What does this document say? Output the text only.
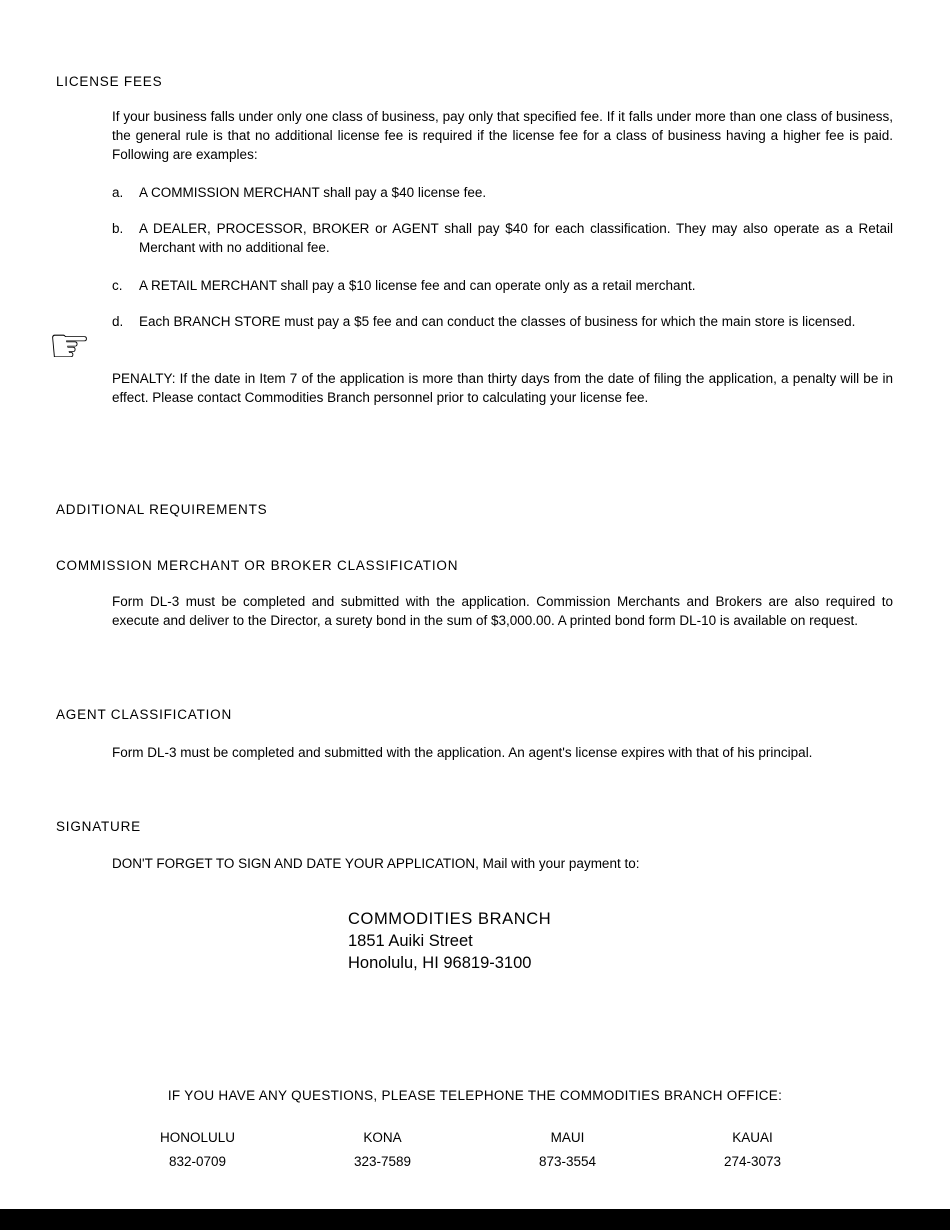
LICENSE FEES
If your business falls under only one class of business, pay only that specified fee. If it falls under more than one class of business, the general rule is that no additional license fee is required if the license fee for a class of business having a higher fee is paid. Following are examples:
a.	A COMMISSION MERCHANT shall pay a $40 license fee.
b.	A DEALER, PROCESSOR, BROKER or AGENT shall pay $40 for each classification. They may also operate as a Retail Merchant with no additional fee.
c.	A RETAIL MERCHANT shall pay a $10 license fee and can operate only as a retail merchant.
d.	Each BRANCH STORE must pay a $5 fee and can conduct the classes of business for which the main store is licensed.
☞
PENALTY: If the date in Item 7 of the application is more than thirty days from the date of filing the application, a penalty will be in effect. Please contact Commodities Branch personnel prior to calculating your license fee.
ADDITIONAL REQUIREMENTS
COMMISSION MERCHANT OR BROKER CLASSIFICATION
Form DL-3 must be completed and submitted with the application. Commission Merchants and Brokers are also required to execute and deliver to the Director, a surety bond in the sum of $3,000.00. A printed bond form DL-10 is available on request.
AGENT CLASSIFICATION
Form DL-3 must be completed and submitted with the application. An agent's license expires with that of his principal.
SIGNATURE
DON'T FORGET TO SIGN AND DATE YOUR APPLICATION, Mail with your payment to:
COMMODITIES BRANCH
1851 Auiki Street
Honolulu, HI 96819-3100
IF YOU HAVE ANY QUESTIONS, PLEASE TELEPHONE THE COMMODITIES BRANCH OFFICE:
HONOLULU
832-0709
KONA
323-7589
MAUI
873-3554
KAUAI
274-3073
